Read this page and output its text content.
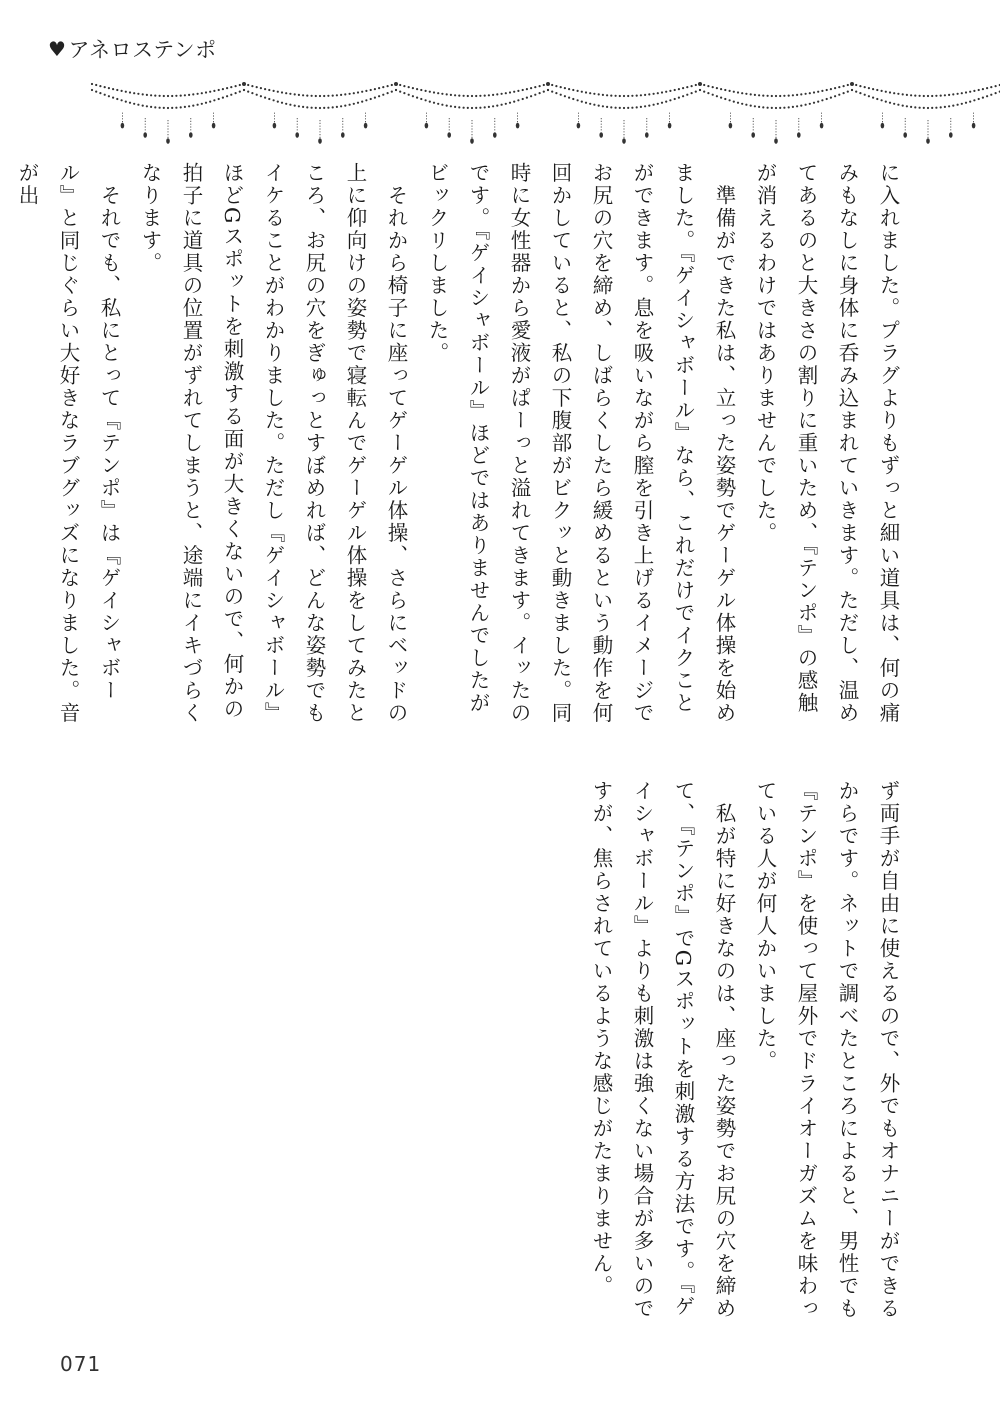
♥ アネロステンポ
に入れました。プラグよりもずっと細い道具は、何の痛みもなしに身体に呑み込まれていきます。ただし、温めてあるのと大きさの割りに重いため、『テンポ』の感触が消えるわけではありませんでした。
　準備ができた私は、立った姿勢でゲーゲル体操を始めました。『ゲイシャボール』なら、これだけでイクことができます。息を吸いながら膣を引き上げるイメージでお尻の穴を締め、しばらくしたら緩めるという動作を何回かしていると、私の下腹部がビクッと動きました。同時に女性器から愛液がぱーっと溢れてきます。イッたのです。『ゲイシャボール』ほどではありませんでしたがビックリしました。
　それから椅子に座ってゲーゲル体操、さらにベッドの上に仰向けの姿勢で寝転んでゲーゲル体操をしてみたところ、お尻の穴をぎゅっとすぼめれば、どんな姿勢でもイケることがわかりました。ただし『ゲイシャボール』ほどGスポットを刺激する面が大きくないので、何かの拍子に道具の位置がずれてしまうと、途端にイキづらくなります。
　それでも、私にとって『テンポ』は『ゲイシャボール』と同じぐらい大好きなラブグッズになりました。音が出
ず両手が自由に使えるので、外でもオナニーができるからです。ネットで調べたところによると、男性でも『テンポ』を使って屋外でドライオーガズムを味わっている人が何人かいました。
　私が特に好きなのは、座った姿勢でお尻の穴を締めて、『テンポ』でGスポットを刺激する方法です。『ゲイシャボール』よりも刺激は強くない場合が多いのですが、焦らされているような感じがたまりません。
071
